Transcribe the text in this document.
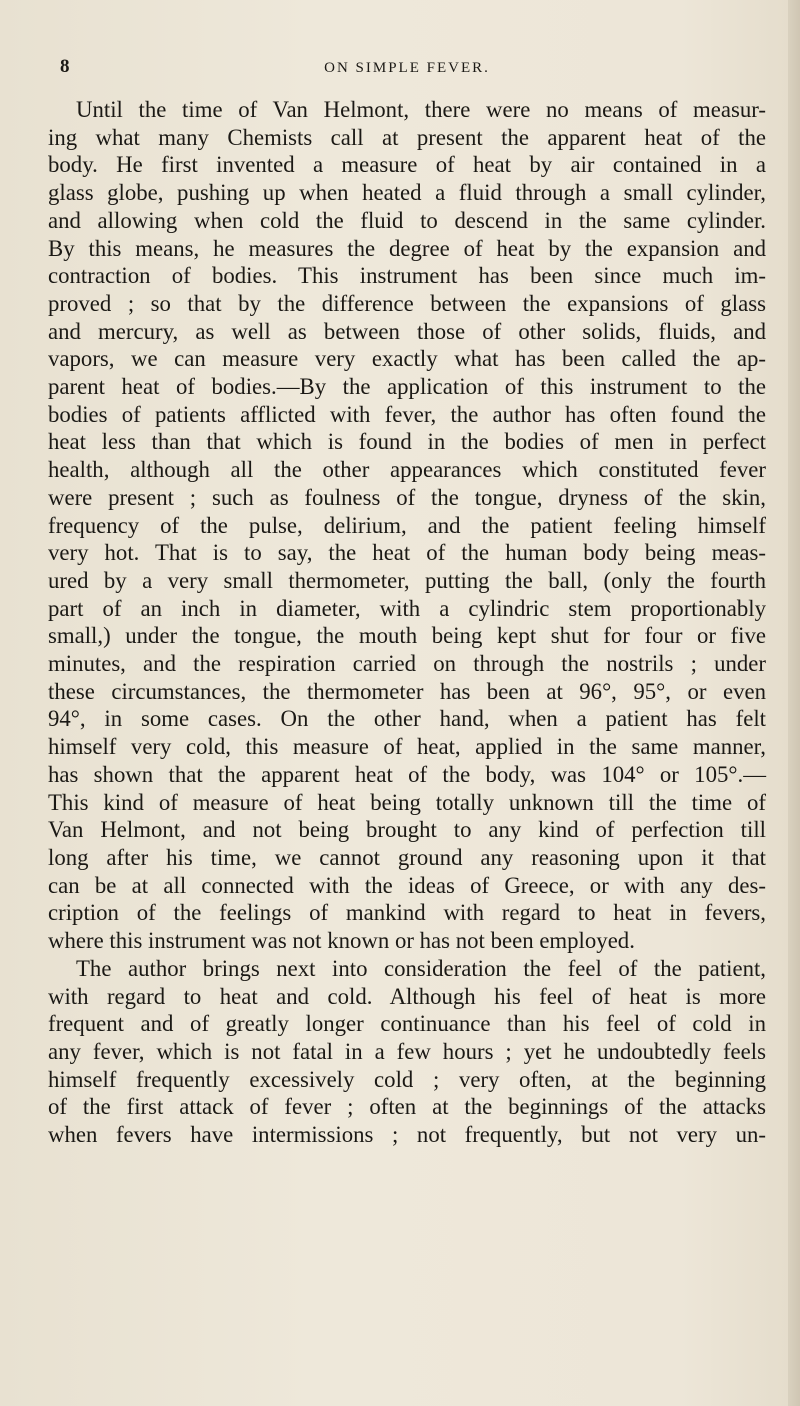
8	ON SIMPLE FEVER.
Until the time of Van Helmont, there were no means of measur-
ing what many Chemists call at present the apparent heat of the
body. He first invented a measure of heat by air contained in a
glass globe, pushing up when heated a fluid through a small cylinder,
and allowing when cold the fluid to descend in the same cylinder.
By this means, he measures the degree of heat by the expansion and
contraction of bodies. This instrument has been since much im-
proved ; so that by the difference between the expansions of glass
and mercury, as well as between those of other solids, fluids, and
vapors, we can measure very exactly what has been called the ap-
parent heat of bodies.—By the application of this instrument to the
bodies of patients afflicted with fever, the author has often found the
heat less than that which is found in the bodies of men in perfect
health, although all the other appearances which constituted fever
were present ; such as foulness of the tongue, dryness of the skin,
frequency of the pulse, delirium, and the patient feeling himself
very hot. That is to say, the heat of the human body being meas-
ured by a very small thermometer, putting the ball, (only the fourth
part of an inch in diameter, with a cylindric stem proportionably
small,) under the tongue, the mouth being kept shut for four or five
minutes, and the respiration carried on through the nostrils ; under
these circumstances, the thermometer has been at 96°, 95°, or even
94°, in some cases. On the other hand, when a patient has felt
himself very cold, this measure of heat, applied in the same manner,
has shown that the apparent heat of the body, was 104° or 105°.—
This kind of measure of heat being totally unknown till the time of
Van Helmont, and not being brought to any kind of perfection till
long after his time, we cannot ground any reasoning upon it that
can be at all connected with the ideas of Greece, or with any des-
cription of the feelings of mankind with regard to heat in fevers,
where this instrument was not known or has not been employed.
The author brings next into consideration the feel of the patient,
with regard to heat and cold. Although his feel of heat is more
frequent and of greatly longer continuance than his feel of cold in
any fever, which is not fatal in a few hours ; yet he undoubtedly feels
himself frequently excessively cold ; very often, at the beginning
of the first attack of fever ; often at the beginnings of the attacks
when fevers have intermissions ; not frequently, but not very un-
